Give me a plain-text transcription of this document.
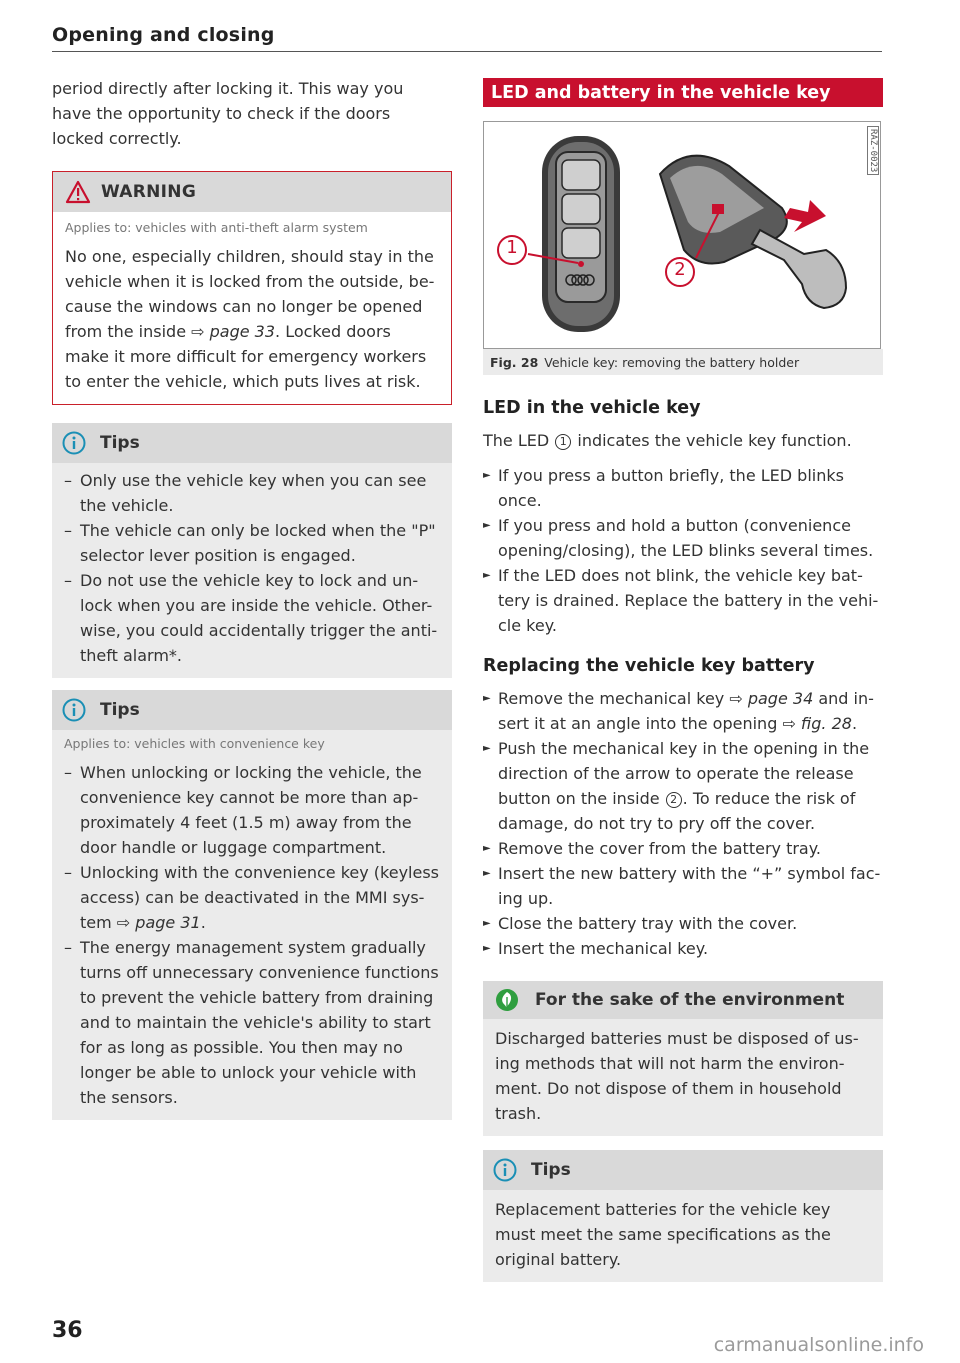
Opening and closing

period directly after locking it. This way you
have the opportunity to check if the doors
locked correctly.

WARNING
Applies to: vehicles with anti-theft alarm system

No one, especially children, should stay in the
vehicle when it is locked from the outside, be-
cause the windows can no longer be opened
from the inside ⇨ page 33. Locked doors
make it more difficult for emergency workers
to enter the vehicle, which puts lives at risk.

Tips
– Only use the vehicle key when you can see
the vehicle.
– The vehicle can only be locked when the "P"
selector lever position is engaged.
– Do not use the vehicle key to lock and un-
lock when you are inside the vehicle. Other-
wise, you could accidentally trigger the anti-
theft alarm*.
Tips
Applies to: vehicles with convenience key
– When unlocking or locking the vehicle, the
convenience key cannot be more than ap-
proximately 4 feet (1.5 m) away from the
door handle or luggage compartment.
– Unlocking with the convenience key (keyless
access) can be deactivated in the MMI sys-
tem ⇨ page 31.
– The energy management system gradually
turns off unnecessary convenience functions
to prevent the vehicle battery from draining
and to maintain the vehicle's ability to start
for as long as possible. You then may no
longer be able to unlock your vehicle with
the sensors.
LED and battery in the vehicle key
1
2
RAZ-0023
Fig. 28 Vehicle key: removing the battery holder
LED in the vehicle key

The LED 1 indicates the vehicle key function.

► If you press a button briefly, the LED blinks
once.
► If you press and hold a button (convenience
opening/closing), the LED blinks several times.
► If the LED does not blink, the vehicle key bat-
tery is drained. Replace the battery in the vehi-
cle key.
Replacing the vehicle key battery
► Remove the mechanical key ⇨ page 34 and in-
sert it at an angle into the opening ⇨ fig. 28.
► Push the mechanical key in the opening in the
direction of the arrow to operate the release
button on the inside 2 . To reduce the risk of
damage, do not try to pry off the cover.
► Remove the cover from the battery tray.
► Insert the new battery with the “+” symbol fac-
ing up.
► Close the battery tray with the cover.
► Insert the mechanical key.
For the sake of the environment

Discharged batteries must be disposed of us-
ing methods that will not harm the environ-
ment. Do not dispose of them in household
trash.

Tips

Replacement batteries for the vehicle key
must meet the same specifications as the
original battery.

36
carmanualsonline.info
